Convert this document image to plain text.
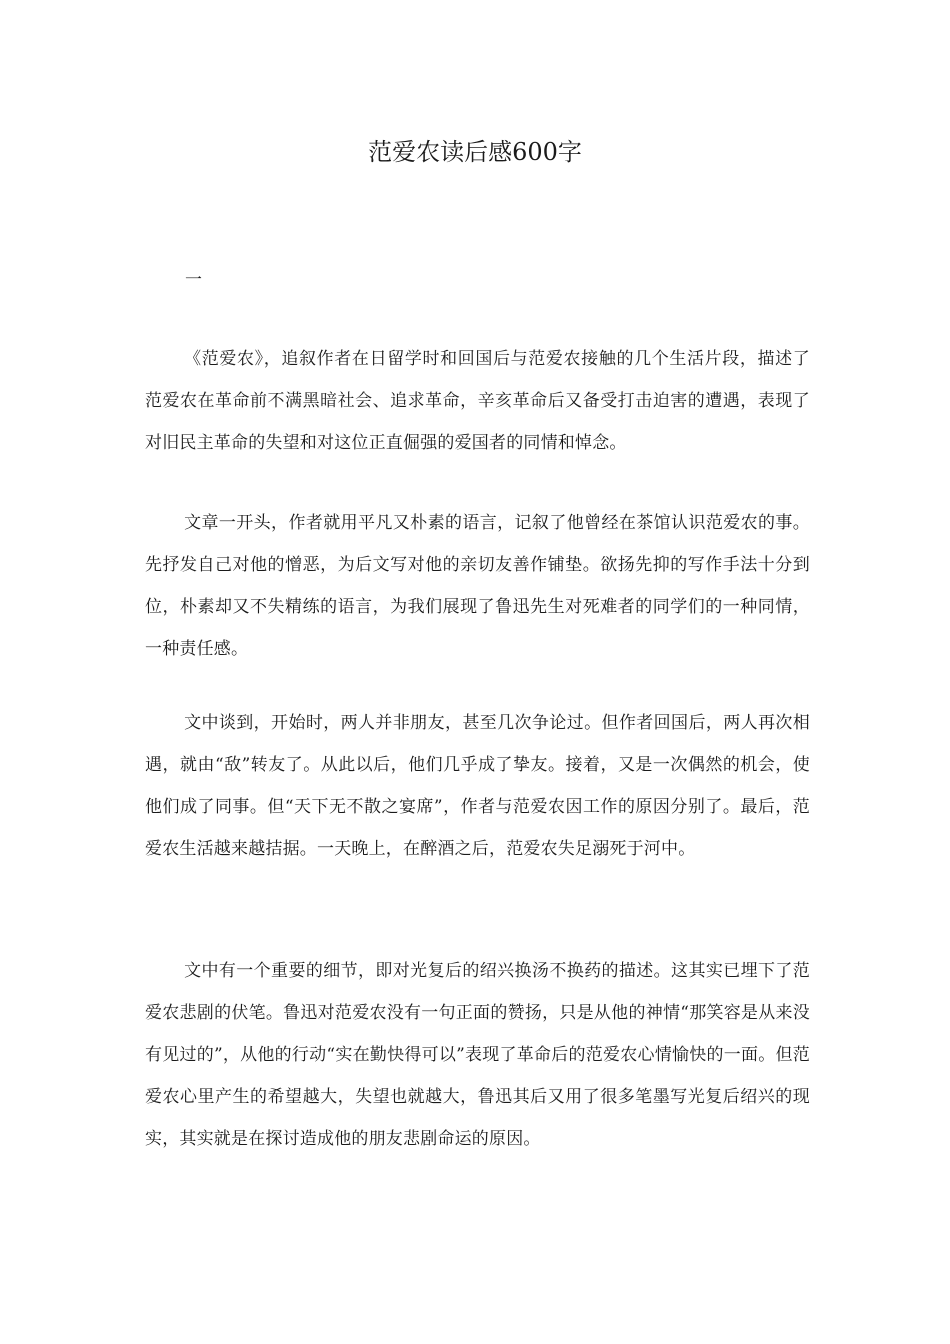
范爱农读后感600字
一

《范爱农》，追叙作者在日留学时和回国后与范爱农接触的几个生活片段，描述了范爱农在革命前不满黑暗社会、追求革命，辛亥革命后又备受打击迫害的遭遇，表现了对旧民主革命的失望和对这位正直倔强的爱国者的同情和悼念。

文章一开头，作者就用平凡又朴素的语言，记叙了他曾经在茶馆认识范爱农的事。先抒发自己对他的憎恶，为后文写对他的亲切友善作铺垫。欲扬先抑的写作手法十分到位，朴素却又不失精练的语言，为我们展现了鲁迅先生对死难者的同学们的一种同情，一种责任感。

文中谈到，开始时，两人并非朋友，甚至几次争论过。但作者回国后，两人再次相遇，就由“敌”转友了。从此以后，他们几乎成了挚友。接着，又是一次偶然的机会，使他们成了同事。但“天下无不散之宴席”，作者与范爱农因工作的原因分别了。最后，范爱农生活越来越拮据。一天晚上，在醉酒之后，范爱农失足溺死于河中。

文中有一个重要的细节，即对光复后的绍兴换汤不换药的描述。这其实已埋下了范爱农悲剧的伏笔。鲁迅对范爱农没有一句正面的赞扬，只是从他的神情“那笑容是从来没有见过的”，从他的行动“实在勤快得可以”表现了革命后的范爱农心情愉快的一面。但范爱农心里产生的希望越大，失望也就越大，鲁迅其后又用了很多笔墨写光复后绍兴的现实，其实就是在探讨造成他的朋友悲剧命运的原因。
